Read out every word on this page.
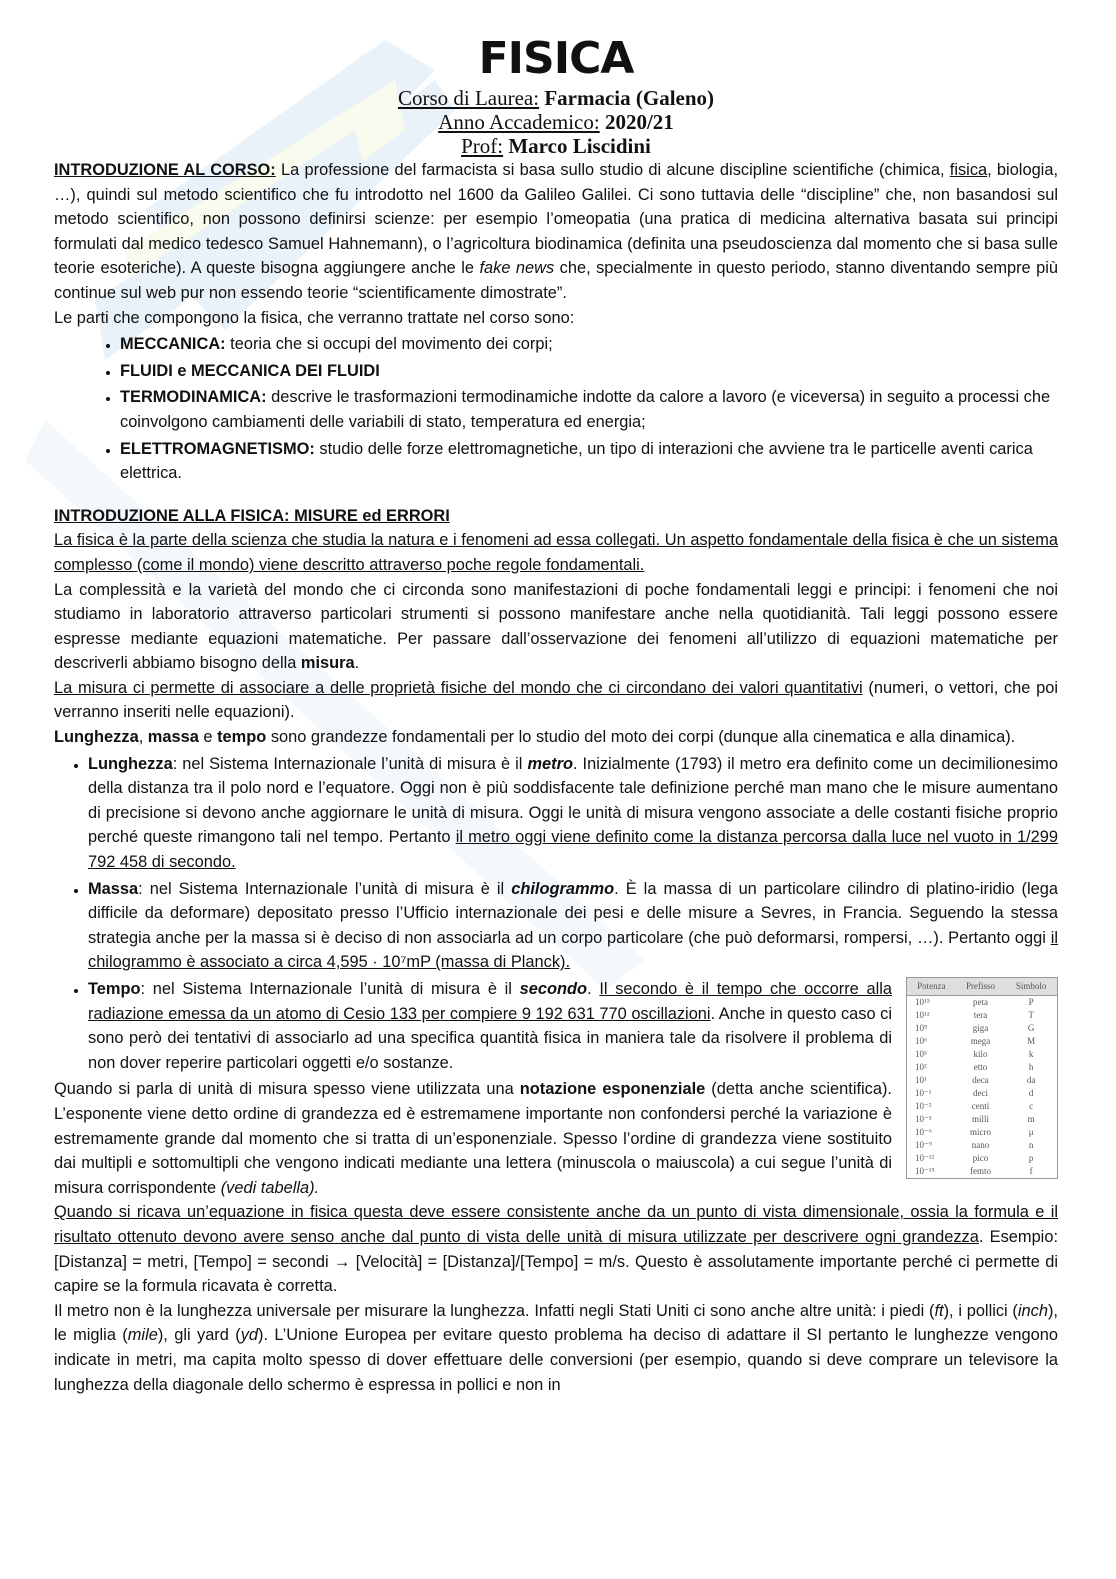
FISICA

Corso di Laurea: Farmacia (Galeno)

Anno Accademico: 2020/21

Prof: Marco Liscidini

INTRODUZIONE AL CORSO: La professione del farmacista si basa sullo studio di alcune discipline scientifiche (chimica, fisica, biologia, …), quindi sul metodo scientifico che fu introdotto nel 1600 da Galileo Galilei. Ci sono tuttavia delle “discipline” che, non basandosi sul metodo scientifico, non possono definirsi scienze: per esempio l’omeopatia (una pratica di medicina alternativa basata sui principi formulati dal medico tedesco Samuel Hahnemann), o l’agricoltura biodinamica (definita una pseudoscienza dal momento che si basa sulle teorie esoteriche). A queste bisogna aggiungere anche le fake news che, specialmente in questo periodo, stanno diventando sempre più continue sul web pur non essendo teorie “scientificamente dimostrate”.

Le parti che compongono la fisica, che verranno trattate nel corso sono:

• MECCANICA: teoria che si occupi del movimento dei corpi;
• FLUIDI e MECCANICA DEI FLUIDI
• TERMODINAMICA: descrive le trasformazioni termodinamiche indotte da calore a lavoro (e viceversa) in seguito a processi che coinvolgono cambiamenti delle variabili di stato, temperatura ed energia;
• ELETTROMAGNETISMO: studio delle forze elettromagnetiche, un tipo di interazioni che avviene tra le particelle aventi carica elettrica.
INTRODUZIONE ALLA FISICA: MISURE ed ERRORI

La fisica è la parte della scienza che studia la natura e i fenomeni ad essa collegati. Un aspetto fondamentale della fisica è che un sistema complesso (come il mondo) viene descritto attraverso poche regole fondamentali.

La complessità e la varietà del mondo che ci circonda sono manifestazioni di poche fondamentali leggi e principi: i fenomeni che noi studiamo in laboratorio attraverso particolari strumenti si possono manifestare anche nella quotidianità. Tali leggi possono essere espresse mediante equazioni matematiche. Per passare dall’osservazione dei fenomeni all’utilizzo di equazioni matematiche per descriverli abbiamo bisogno della misura.

La misura ci permette di associare a delle proprietà fisiche del mondo che ci circondano dei valori quantitativi (numeri, o vettori, che poi verranno inseriti nelle equazioni).

Lunghezza, massa e tempo sono grandezze fondamentali per lo studio del moto dei corpi (dunque alla cinematica e alla dinamica).

• Lunghezza: nel Sistema Internazionale l’unità di misura è il metro. Inizialmente (1793) il metro era definito come un decimilionesimo della distanza tra il polo nord e l’equatore. Oggi non è più soddisfacente tale definizione perché man mano che le misure aumentano di precisione si devono anche aggiornare le unità di misura. Oggi le unità di misura vengono associate a delle costanti fisiche proprio perché queste rimangono tali nel tempo. Pertanto il metro oggi viene definito come la distanza percorsa dalla luce nel vuoto in 1/299 792 458 di secondo.
• Massa: nel Sistema Internazionale l’unità di misura è il chilogrammo. È la massa di un particolare cilindro di platino-iridio (lega difficile da deformare) depositato presso l’Ufficio internazionale dei pesi e delle misure a Sevres, in Francia. Seguendo la stessa strategia anche per la massa si è deciso di non associarla ad un corpo particolare (che può deformarsi, rompersi, …). Pertanto oggi il chilogrammo è associato a circa 4,595 · 10⁷mP (massa di Planck).
Potenza	Prefisso	Simbolo
10¹⁵	peta	P
10¹²	tera	T
10⁹	giga	G
10⁶	mega	M
10³	kilo	k
10²	etto	h
10¹	deca	da
10⁻¹	deci	d
10⁻²	centi	c
10⁻³	milli	m
10⁻⁶	micro	μ
10⁻⁹	nano	n
10⁻¹²	pico	p
10⁻¹⁵	femto	f
• Tempo: nel Sistema Internazionale l’unità di misura è il secondo. Il secondo è il tempo che occorre alla radiazione emessa da un atomo di Cesio 133 per compiere 9 192 631 770 oscillazioni. Anche in questo caso ci sono però dei tentativi di associarlo ad una specifica quantità fisica in maniera tale da risolvere il problema di non dover reperire particolari oggetti e/o sostanze.

Quando si parla di unità di misura spesso viene utilizzata una notazione esponenziale (detta anche scientifica). L’esponente viene detto ordine di grandezza ed è estremamene importante non confondersi perché la variazione è estremamente grande dal momento che si tratta di un’esponenziale. Spesso l’ordine di grandezza viene sostituito dai multipli e sottomultipli che vengono indicati mediante una lettera (minuscola o maiuscola) a cui segue l’unità di misura corrispondente (vedi tabella).

Quando si ricava un’equazione in fisica questa deve essere consistente anche da un punto di vista dimensionale, ossia la formula e il risultato ottenuto devono avere senso anche dal punto di vista delle unità di misura utilizzate per descrivere ogni grandezza. Esempio: [Distanza] = metri, [Tempo] = secondi → [Velocità] = [Distanza]/[Tempo] = m/s. Questo è assolutamente importante perché ci permette di capire se la formula ricavata è corretta.

Il metro non è la lunghezza universale per misurare la lunghezza. Infatti negli Stati Uniti ci sono anche altre unità: i piedi (ft), i pollici (inch), le miglia (mile), gli yard (yd). L’Unione Europea per evitare questo problema ha deciso di adattare il SI pertanto le lunghezze vengono indicate in metri, ma capita molto spesso di dover effettuare delle conversioni (per esempio, quando si deve comprare un televisore la lunghezza della diagonale dello schermo è espressa in pollici e non in
